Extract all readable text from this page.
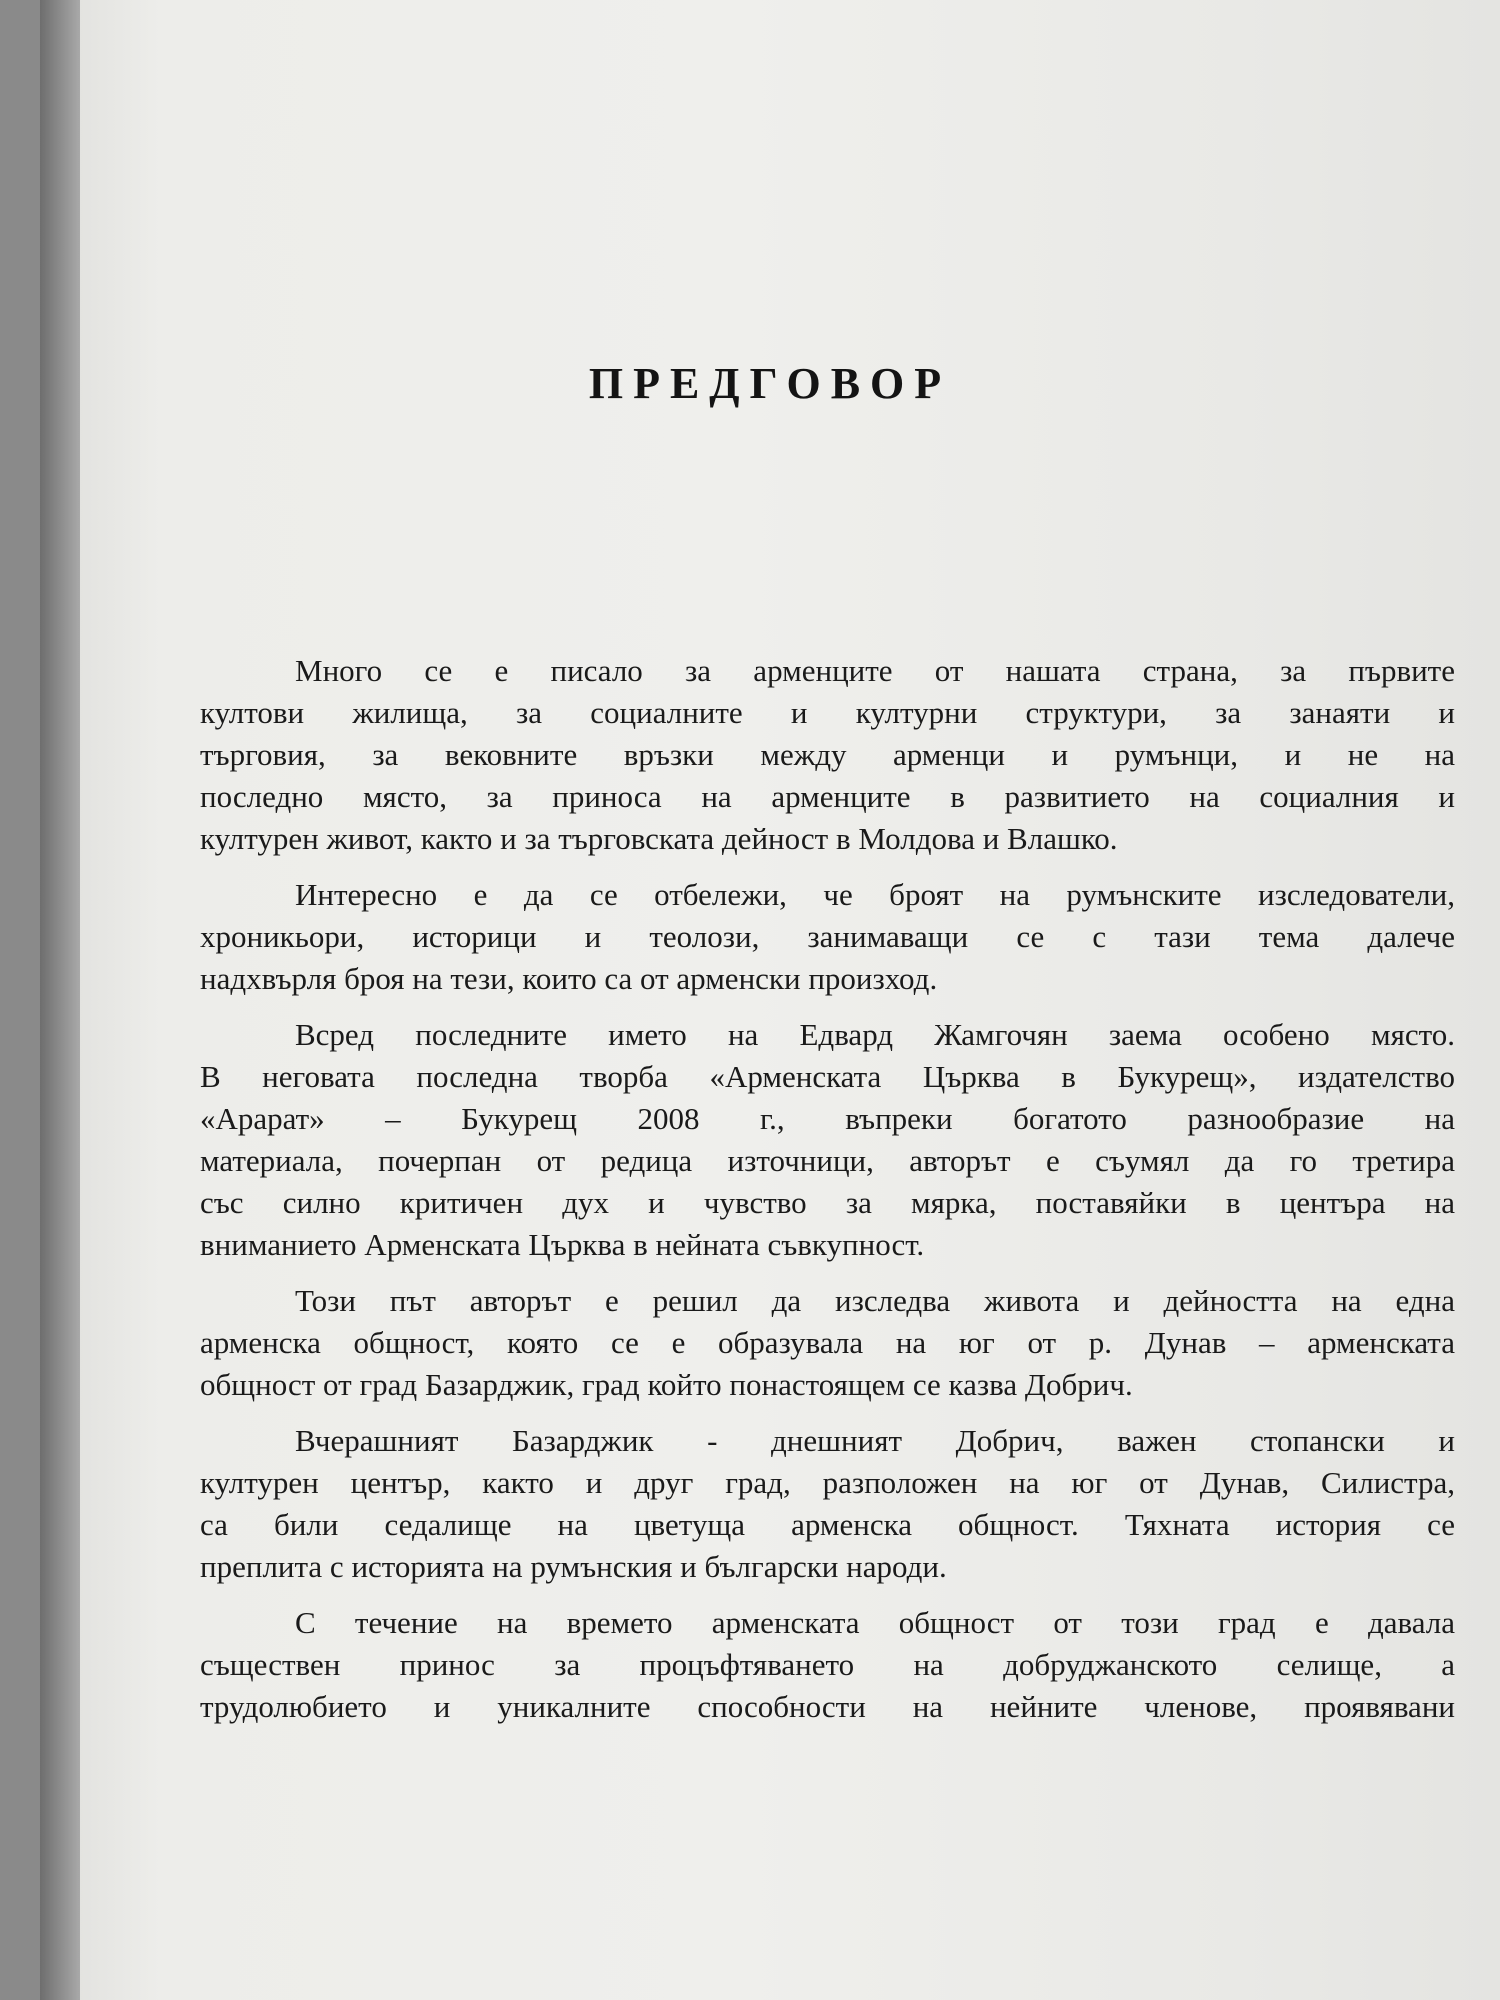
ПРЕДГОВОР
Много се е писало за арменците от нашата страна, за първите
култови жилища, за социалните и културни структури, за занаяти и
търговия, за вековните връзки между арменци и румънци, и не на
последно място, за приноса на арменците в развитието на социалния и
културен живот, както и за търговската дейност в Молдова и Влашко.
Интересно е да се отбележи, че броят на румънските изследователи,
хроникьори, историци и теолози, занимаващи се с тази тема далече
надхвърля броя на тези, които са от арменски произход.
Всред последните името на Едвард Жамгочян заема особено място.
В неговата последна творба «Арменската Църква в Букурещ», издателство
«Арарат» – Букурещ 2008 г., въпреки богатото разнообразие на
материала, почерпан от редица източници, авторът е съумял да го третира
със силно критичен дух и чувство за мярка, поставяйки в центъра на
вниманието Арменската Църква в нейната съвкупност.
Този път авторът е решил да изследва живота и дейността на една
арменска общност, която се е образувала на юг от р. Дунав – арменската
общност от град Базарджик, град който понастоящем се казва Добрич.
Вчерашният Базарджик - днешният Добрич, важен стопански и
културен център, както и друг град, разположен на юг от Дунав, Силистра,
са били седалище на цветуща арменска общност. Тяхната история се
преплита с историята на румънския и български народи.
С течение на времето арменската общност от този град е давала
съществен принос за процъфтяването на добруджанското селище, а
трудолюбието и уникалните способности на нейните членове, проявявани
